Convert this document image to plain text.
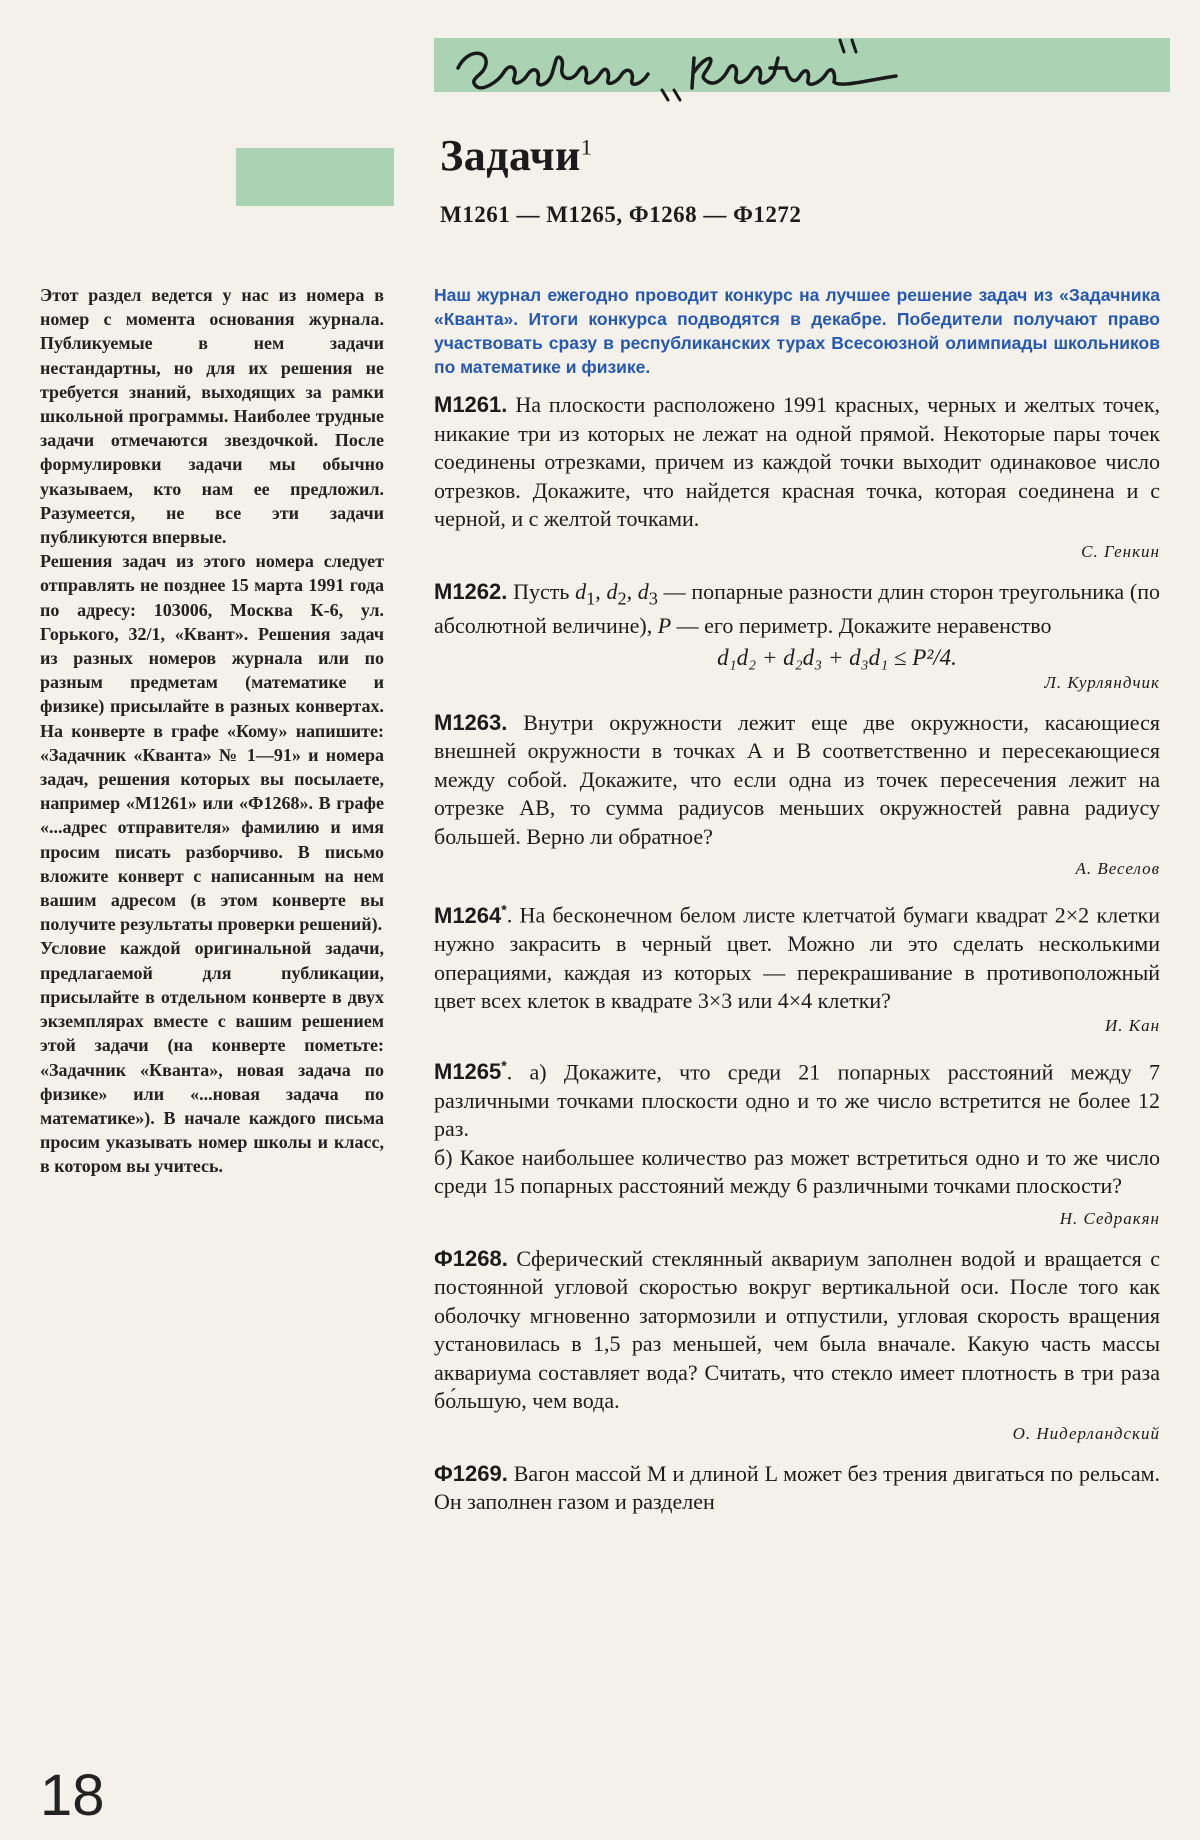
Задачник „Кванта”
Задачи$^1$
М1261 — М1265, Ф1268 — Ф1272

Этот раздел ведется у нас из номера в номер с момента основания журнала. Публикуемые в нем задачи нестандартны, но для их решения не требуется знаний, выходящих за рамки школьной программы. Наиболее трудные задачи отмечаются звездочкой. После формулировки задачи мы обычно указываем, кто нам ее предложил. Разумеется, не все эти задачи публикуются впервые.

Решения задач из этого номера следует отправлять не позднее 15 марта 1991 года по адресу: 103006, Москва К-6, ул. Горького, 32/1, «Квант». Решения задач из разных номеров журнала или по разным предметам (математике и физике) присылайте в разных конвертах. На конверте в графе «Кому» напишите: «Задачник «Кванта» № 1—91» и номера задач, решения которых вы посылаете, например «М1261» или «Ф1268». В графе «...адрес отправителя» фамилию и имя просим писать разборчиво. В письмо вложите конверт с написанным на нем вашим адресом (в этом конверте вы получите результаты проверки решений).

Условие каждой оригинальной задачи, предлагаемой для публикации, присылайте в отдельном конверте в двух экземплярах вместе с вашим решением этой задачи (на конверте пометьте: «Задачник «Кванта», новая задача по физике» или «...новая задача по математике»). В начале каждого письма просим указывать номер школы и класс, в котором вы учитесь.

Наш журнал ежегодно проводит конкурс на лучшее решение задач из «Задачника «Кванта». Итоги конкурса подводятся в декабре. Победители получают право участвовать сразу в республиканских турах Всесоюзной олимпиады школьников по математике и физике.

М1261. На плоскости расположено 1991 красных, черных и желтых точек, никакие три из которых не лежат на одной прямой. Некоторые пары точек соединены отрезками, причем из каждой точки выходит одинаковое число отрезков. Докажите, что найдется красная точка, которая соединена и с черной, и с желтой точками.

С. Генкин

М1262. Пусть $d_1$, $d_2$, $d_3$ — попарные разности длин сторон треугольника (по абсолютной величине), P — его периметр. Докажите неравенство

d₁d₂ + d₂d₃ + d₃d₁ ≤ P²/4.

Л. Курляндчик

М1263. Внутри окружности лежит еще две окружности, касающиеся внешней окружности в точках A и B соответственно и пересекающиеся между собой. Докажите, что если одна из точек пересечения лежит на отрезке AB, то сумма радиусов меньших окружностей равна радиусу большей. Верно ли обратное?

А. Веселов

М1264*. На бесконечном белом листе клетчатой бумаги квадрат 2×2 клетки нужно закрасить в черный цвет. Можно ли это сделать несколькими операциями, каждая из которых — перекрашивание в противоположный цвет всех клеток в квадрате 3×3 или 4×4 клетки?

И. Кан

М1265*. а) Докажите, что среди 21 попарных расстояний между 7 различными точками плоскости одно и то же число встретится не более 12 раз.

б) Какое наибольшее количество раз может встретиться одно и то же число среди 15 попарных расстояний между 6 различными точками плоскости?

Н. Седракян

Ф1268. Сферический стеклянный аквариум заполнен водой и вращается с постоянной угловой скоростью вокруг вертикальной оси. После того как оболочку мгновенно затормозили и отпустили, угловая скорость вращения установилась в 1,5 раз меньшей, чем была вначале. Какую часть массы аквариума составляет вода? Считать, что стекло имеет плотность в три раза бо́льшую, чем вода.

О. Нидерландский

Ф1269. Вагон массой M и длиной L может без трения двигаться по рельсам. Он заполнен газом и разделен

18
